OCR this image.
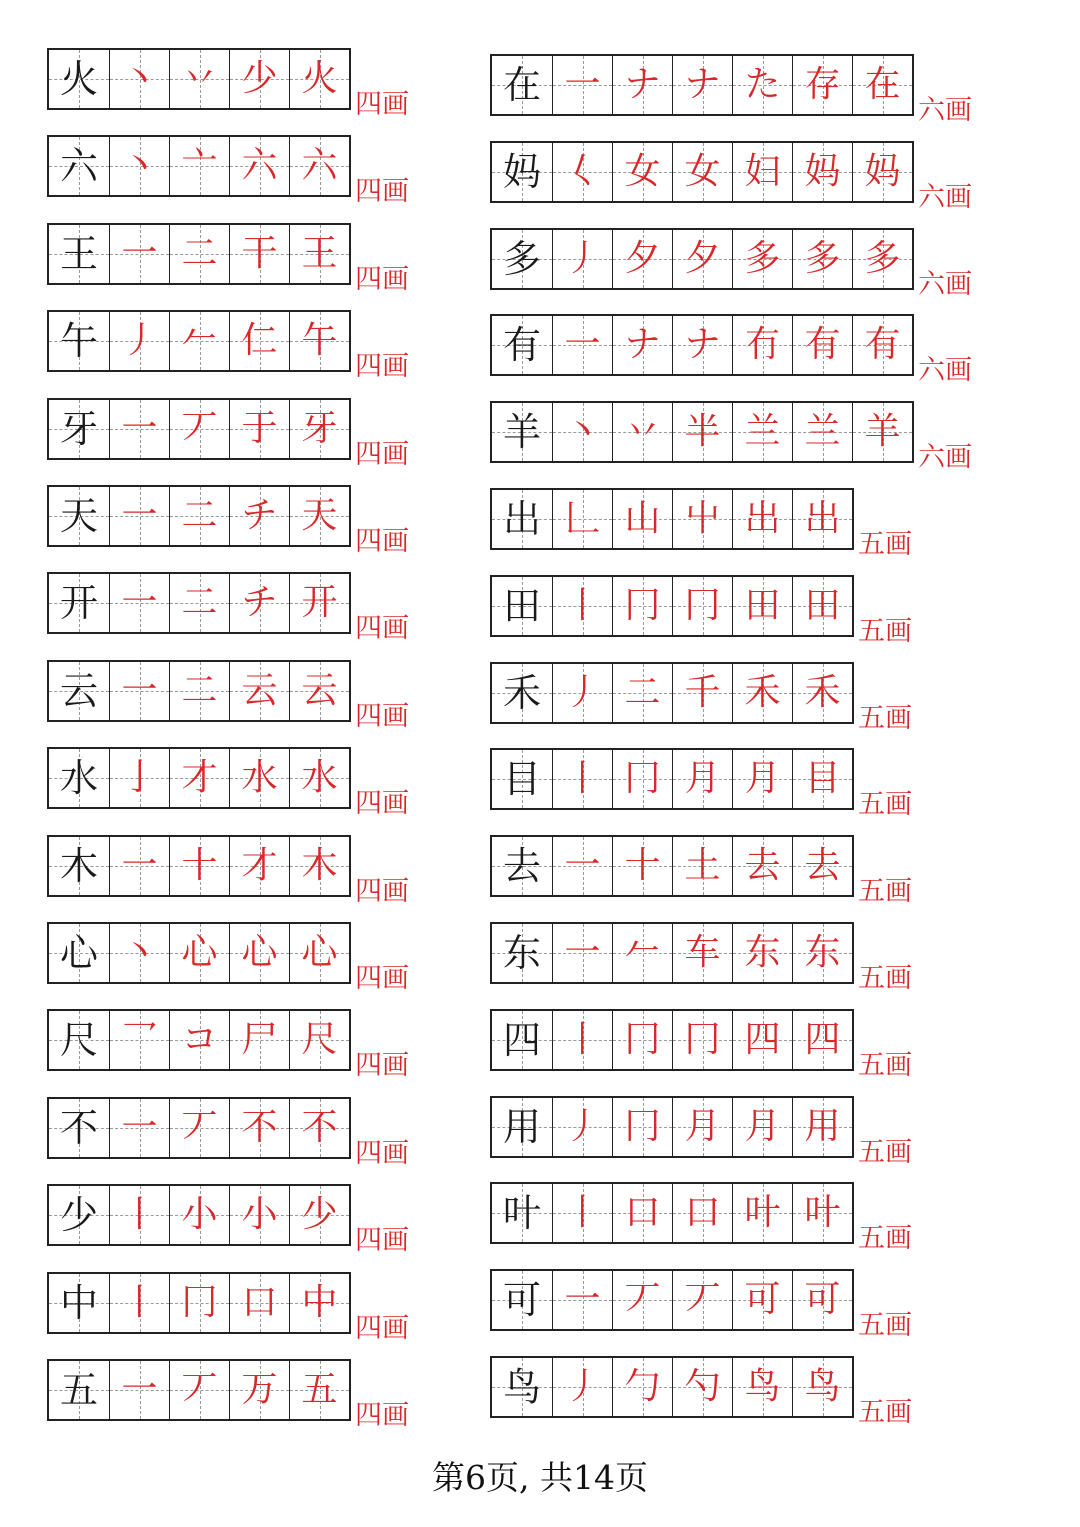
火 丶 丷 少 火
四画
六 丶 亠 六 六
四画
王 一 二 干 王
四画
午 丿 𠂉 仁 午
四画
牙 一 丆 于 牙
四画
天 一 二 チ 天
四画
开 一 二 チ 开
四画
云 一 二 云 云
四画
水 亅 才 水 水
四画
木 一 十 才 木
四画
心 丶 心 心 心
四画
尺 乛 コ 尸 尺
四画
不 一 丆 不 不
四画
少 丨 小 小 少
四画
中 丨 冂 口 中
四画
五 一 丆 万 五
四画
在 一 ナ ナ た 存 在
六画
妈 𡿨 女 女 妇 妈 妈
六画
多 丿 夕 夕 多 多 多
六画
有 一 ナ ナ 冇 有 有
六画
羊 丶 丷 半 兰 兰 羊
六画
出 𠃊 山 屮 出 出
五画
田 丨 冂 冂 田 田
五画
禾 丿 二 千 禾 禾
五画
目 丨 冂 月 月 目
五画
去 一 十 土 去 去
五画
东 一 𠂉 车 东 东
五画
四 丨 冂 冂 四 四
五画
用 丿 冂 月 月 用
五画
叶 丨 口 口 叶 叶
五画
可 一 丆 丆 可 可
五画
鸟 丿 勹 勺 鸟 鸟
五画
第6页, 共14页
